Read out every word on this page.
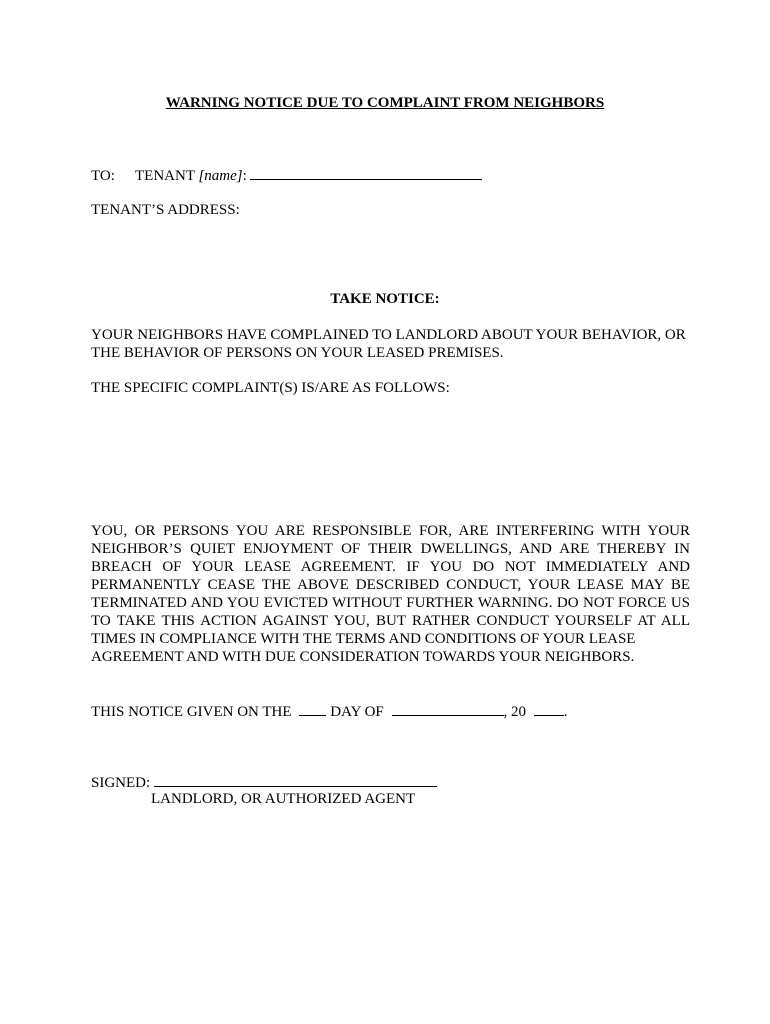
WARNING NOTICE DUE TO COMPLAINT FROM NEIGHBORS
TO: TENANT [name]:
TENANT’S ADDRESS:
TAKE NOTICE:
YOUR NEIGHBORS HAVE COMPLAINED TO LANDLORD ABOUT YOUR BEHAVIOR, OR THE BEHAVIOR OF PERSONS ON YOUR LEASED PREMISES.
THE SPECIFIC COMPLAINT(S) IS/ARE AS FOLLOWS:
YOU, OR PERSONS YOU ARE RESPONSIBLE FOR, ARE INTERFERING WITH YOUR NEIGHBOR’S QUIET ENJOYMENT OF THEIR DWELLINGS, AND ARE THEREBY IN BREACH OF YOUR LEASE AGREEMENT. IF YOU DO NOT IMMEDIATELY AND PERMANENTLY CEASE THE ABOVE DESCRIBED CONDUCT, YOUR LEASE MAY BE TERMINATED AND YOU EVICTED WITHOUT FURTHER WARNING. DO NOT FORCE US TO TAKE THIS ACTION AGAINST YOU, BUT RATHER CONDUCT YOURSELF AT ALL TIMES IN COMPLIANCE WITH THE TERMS AND CONDITIONS OF YOUR LEASE
AGREEMENT AND WITH DUE CONSIDERATION TOWARDS YOUR NEIGHBORS.
THIS NOTICE GIVEN ON THE	DAY OF	, 20	.
SIGNED:
LANDLORD, OR AUTHORIZED AGENT
